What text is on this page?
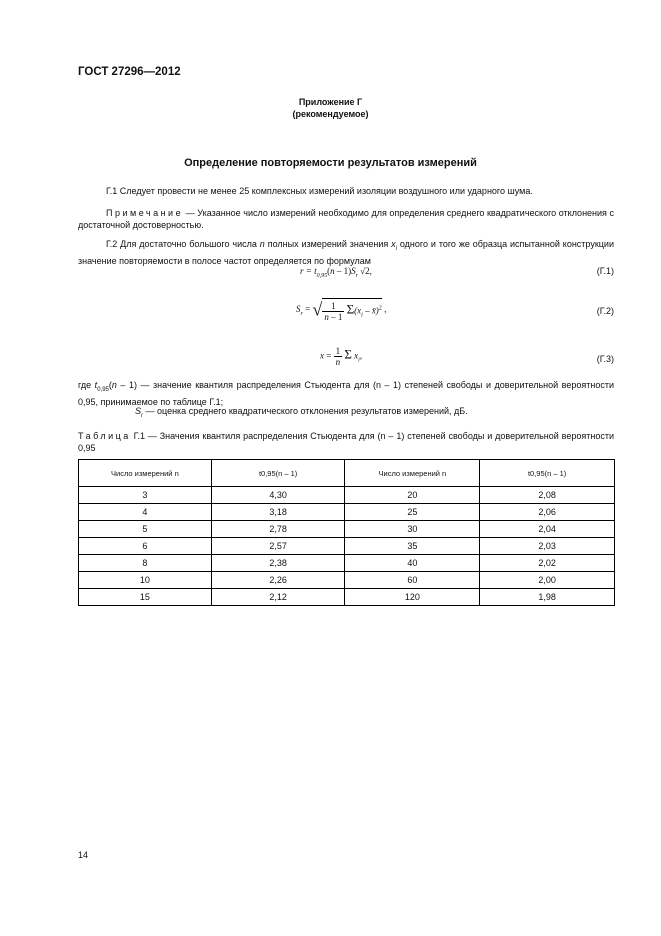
ГОСТ 27296—2012
Приложение Г
(рекомендуемое)
Определение повторяемости результатов измерений
Г.1 Следует провести не менее 25 комплексных измерений изоляции воздушного или ударного шума.
Примечание — Указанное число измерений необходимо для определения среднего квадратического отклонения с достаточной достоверностью.
Г.2 Для достаточно большого числа n полных измерений значения $x_i$ одного и того же образца испытанной конструкции значение повторяемости в полосе частот определяется по формулам
$r = t_{0,95}(n - 1)S_r$ √2,	(Г.1)
$S_r$ = √ $\frac{1}{n - 1} \Sigma(x_i$ – x̄)$^2$ ,	(Г.2)
$x = \frac{1}{n}$ Σ $x_i$,	(Г.3)
где $t_{0,95}(n - 1)$ — значение квантиля распределения Стьюдента для (n – 1) степеней свободы и доверительной вероятности 0,95, принимаемое по таблице Г.1;
$S_r$ — оценка среднего квадратического отклонения результатов измерений, дБ.
Таблица Г.1 — Значения квантиля распределения Стьюдента для (n – 1) степеней свободы и доверительной вероятности 0,95
Число измерений n	t0,95(n – 1)	Число измерений n	t0,95(n – 1)
3	4,30	20	2,08
4	3,18	25	2,06
5	2,78	30	2,04
6	2,57	35	2,03
8	2,38	40	2,02
10	2,26	60	2,00
15	2,12	120	1,98
14
